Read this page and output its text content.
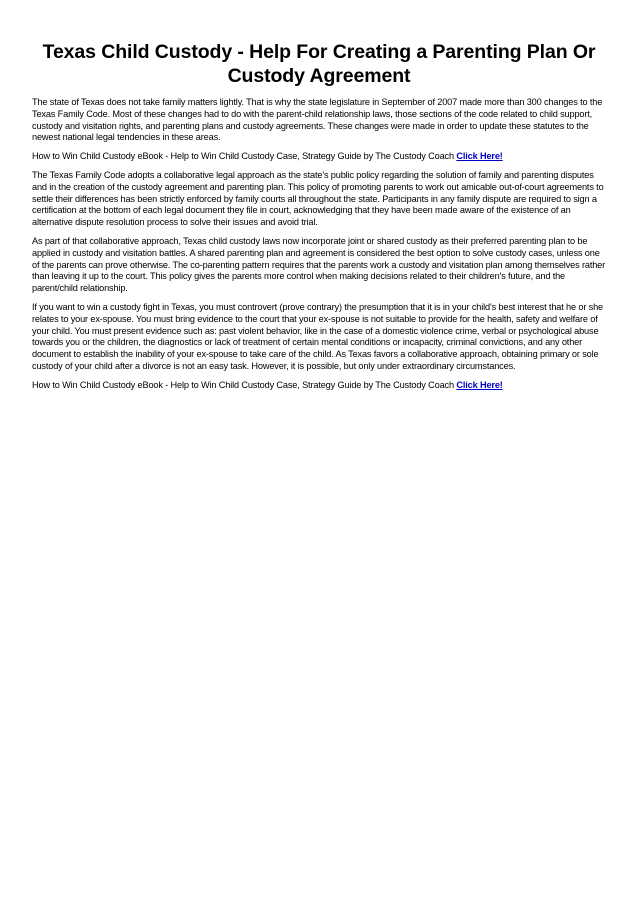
Texas Child Custody - Help For Creating a Parenting Plan Or Custody Agreement

The state of Texas does not take family matters lightly. That is why the state legislature in September of 2007 made more than 300 changes to the Texas Family Code. Most of these changes had to do with the parent-child relationship laws, those sections of the code related to child support, custody and visitation rights, and parenting plans and custody agreements. These changes were made in order to update these statutes to the newest national legal tendencies in these areas.

How to Win Child Custody eBook - Help to Win Child Custody Case, Strategy Guide by The Custody Coach Click Here!

The Texas Family Code adopts a collaborative legal approach as the state's public policy regarding the solution of family and parenting disputes and in the creation of the custody agreement and parenting plan. This policy of promoting parents to work out amicable out-of-court agreements to settle their differences has been strictly enforced by family courts all throughout the state. Participants in any family dispute are required to sign a certification at the bottom of each legal document they file in court, acknowledging that they have been made aware of the existence of an alternative dispute resolution process to solve their issues and avoid trial.

As part of that collaborative approach, Texas child custody laws now incorporate joint or shared custody as their preferred parenting plan to be applied in custody and visitation battles. A shared parenting plan and agreement is considered the best option to solve custody cases, unless one of the parents can prove otherwise. The co-parenting pattern requires that the parents work a custody and visitation plan among themselves rather than leaving it up to the court. This policy gives the parents more control when making decisions related to their children's future, and the parent/child relationship.

If you want to win a custody fight in Texas, you must controvert (prove contrary) the presumption that it is in your child's best interest that he or she relates to your ex-spouse. You must bring evidence to the court that your ex-spouse is not suitable to provide for the health, safety and welfare of your child. You must present evidence such as: past violent behavior, like in the case of a domestic violence crime, verbal or psychological abuse towards you or the children, the diagnostics or lack of treatment of certain mental conditions or incapacity, criminal convictions, and any other document to establish the inability of your ex-spouse to take care of the child. As Texas favors a collaborative approach, obtaining primary or sole custody of your child after a divorce is not an easy task. However, it is possible, but only under extraordinary circumstances.

How to Win Child Custody eBook - Help to Win Child Custody Case, Strategy Guide by The Custody Coach Click Here!
